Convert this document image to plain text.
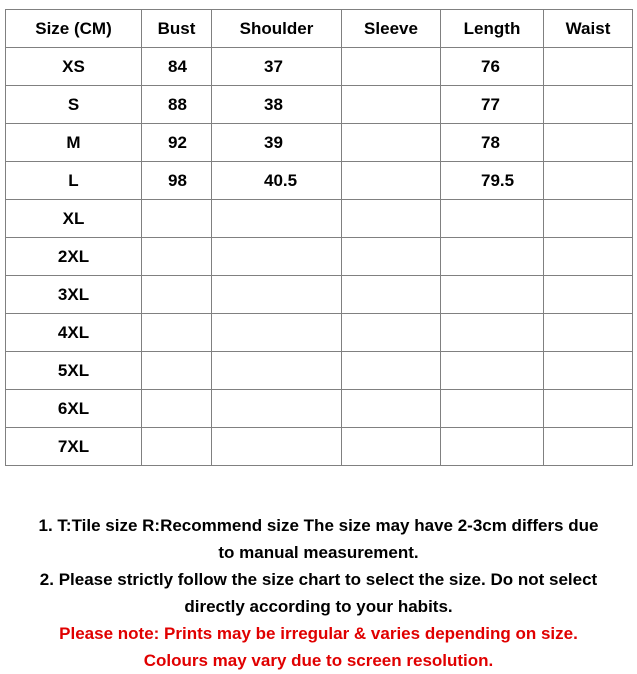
Size (CM)	Bust	Shoulder	Sleeve	Length	Waist
XS	84	37		76	
S	88	38		77	
M	92	39		78	
L	98	40.5		79.5	
XL					
2XL					
3XL					
4XL					
5XL					
6XL					
7XL					

1. T:Tile size R:Recommend size The size may have 2-3cm differs due
to manual measurement.

2. Please strictly follow the size chart to select the size. Do not select
directly according to your habits.

Please note: Prints may be irregular & varies depending on size.
Colours may vary due to screen resolution.
